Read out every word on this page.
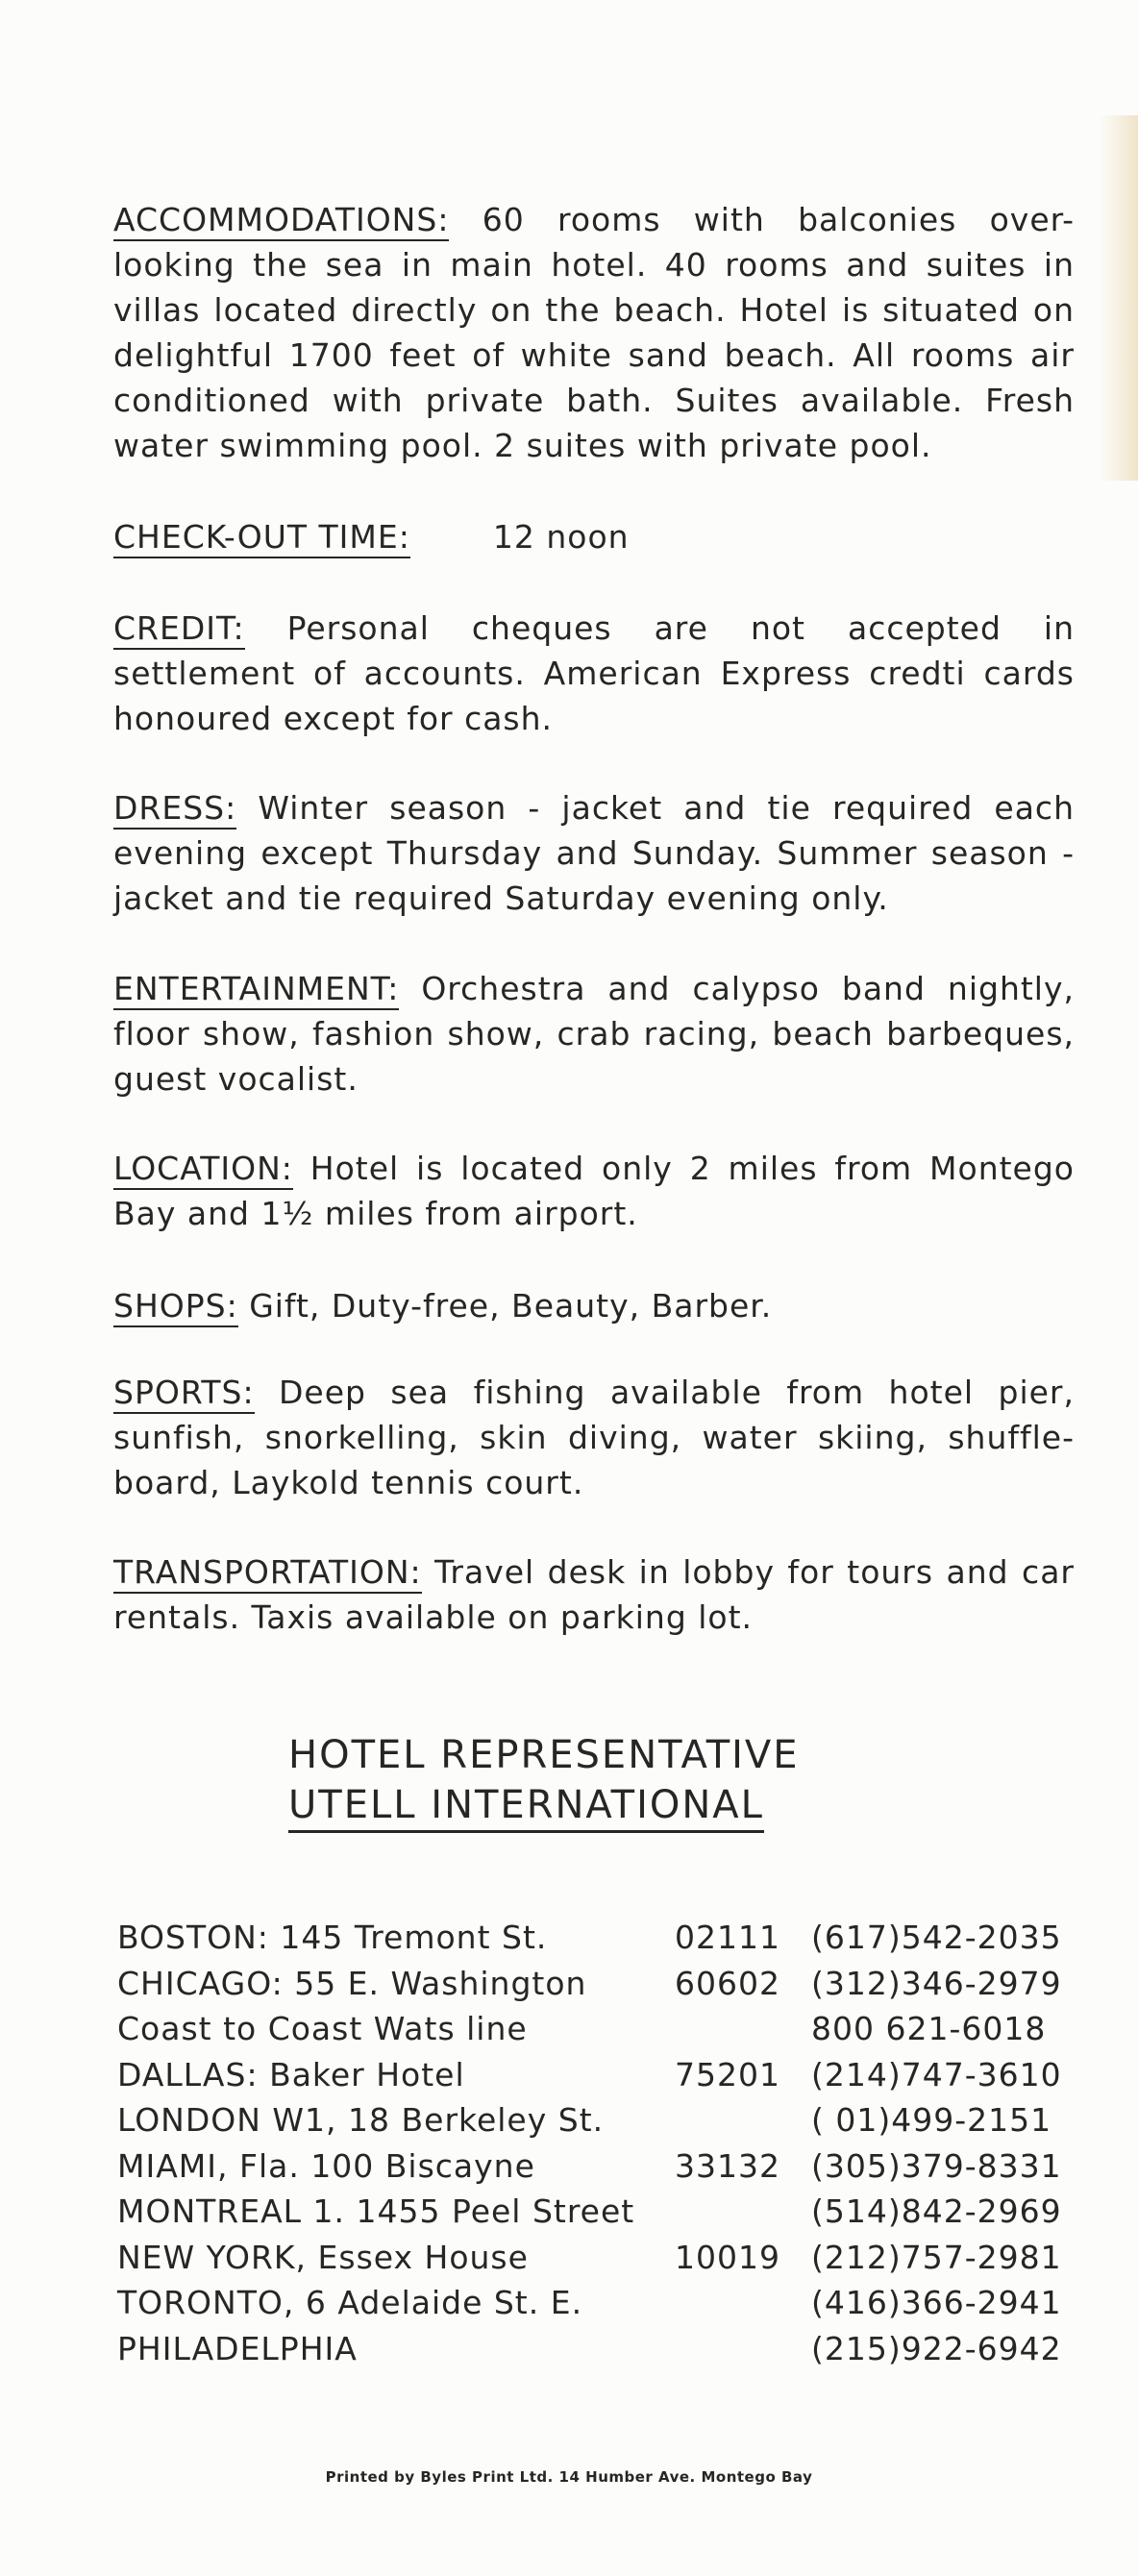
ACCOMMODATIONS: 60 rooms with balconies over-looking the sea in main hotel. 40 rooms and suites in villas located directly on the beach. Hotel is situated on delightful 1700 feet of white sand beach. All rooms air conditioned with private bath. Suites available. Fresh water swimming pool. 2 suites with private pool.

CHECK-OUT TIME:	12 noon

CREDIT: Personal cheques are not accepted in settlement of accounts. American Express credti cards honoured except for cash.

DRESS: Winter season - jacket and tie required each evening except Thursday and Sunday. Summer season - jacket and tie required Saturday evening only.

ENTERTAINMENT: Orchestra and calypso band nightly, floor show, fashion show, crab racing, beach barbeques, guest vocalist.

LOCATION: Hotel is located only 2 miles from Montego Bay and 1½ miles from airport.

SHOPS: Gift, Duty-free, Beauty, Barber.

SPORTS: Deep sea fishing available from hotel pier, sunfish, snorkelling, skin diving, water skiing, shuffle-board, Laykold tennis court.

TRANSPORTATION: Travel desk in lobby for tours and car rentals. Taxis available on parking lot.

HOTEL REPRESENTATIVE
UTELL INTERNATIONAL
BOSTON: 145 Tremont St.	02111 (617)542-2035
CHICAGO: 55 E. Washington	60602 (312)346-2979
Coast to Coast Wats line	800 621-6018
DALLAS: Baker Hotel	75201 (214)747-3610
LONDON W1, 18 Berkeley St.	( 01)499-2151
MIAMI, Fla. 100 Biscayne	33132 (305)379-8331
MONTREAL 1. 1455 Peel Street	(514)842-2969
NEW YORK, Essex House	10019 (212)757-2981
TORONTO, 6 Adelaide St. E.	(416)366-2941
PHILADELPHIA	(215)922-6942
Printed by Byles Print Ltd. 14 Humber Ave. Montego Bay
